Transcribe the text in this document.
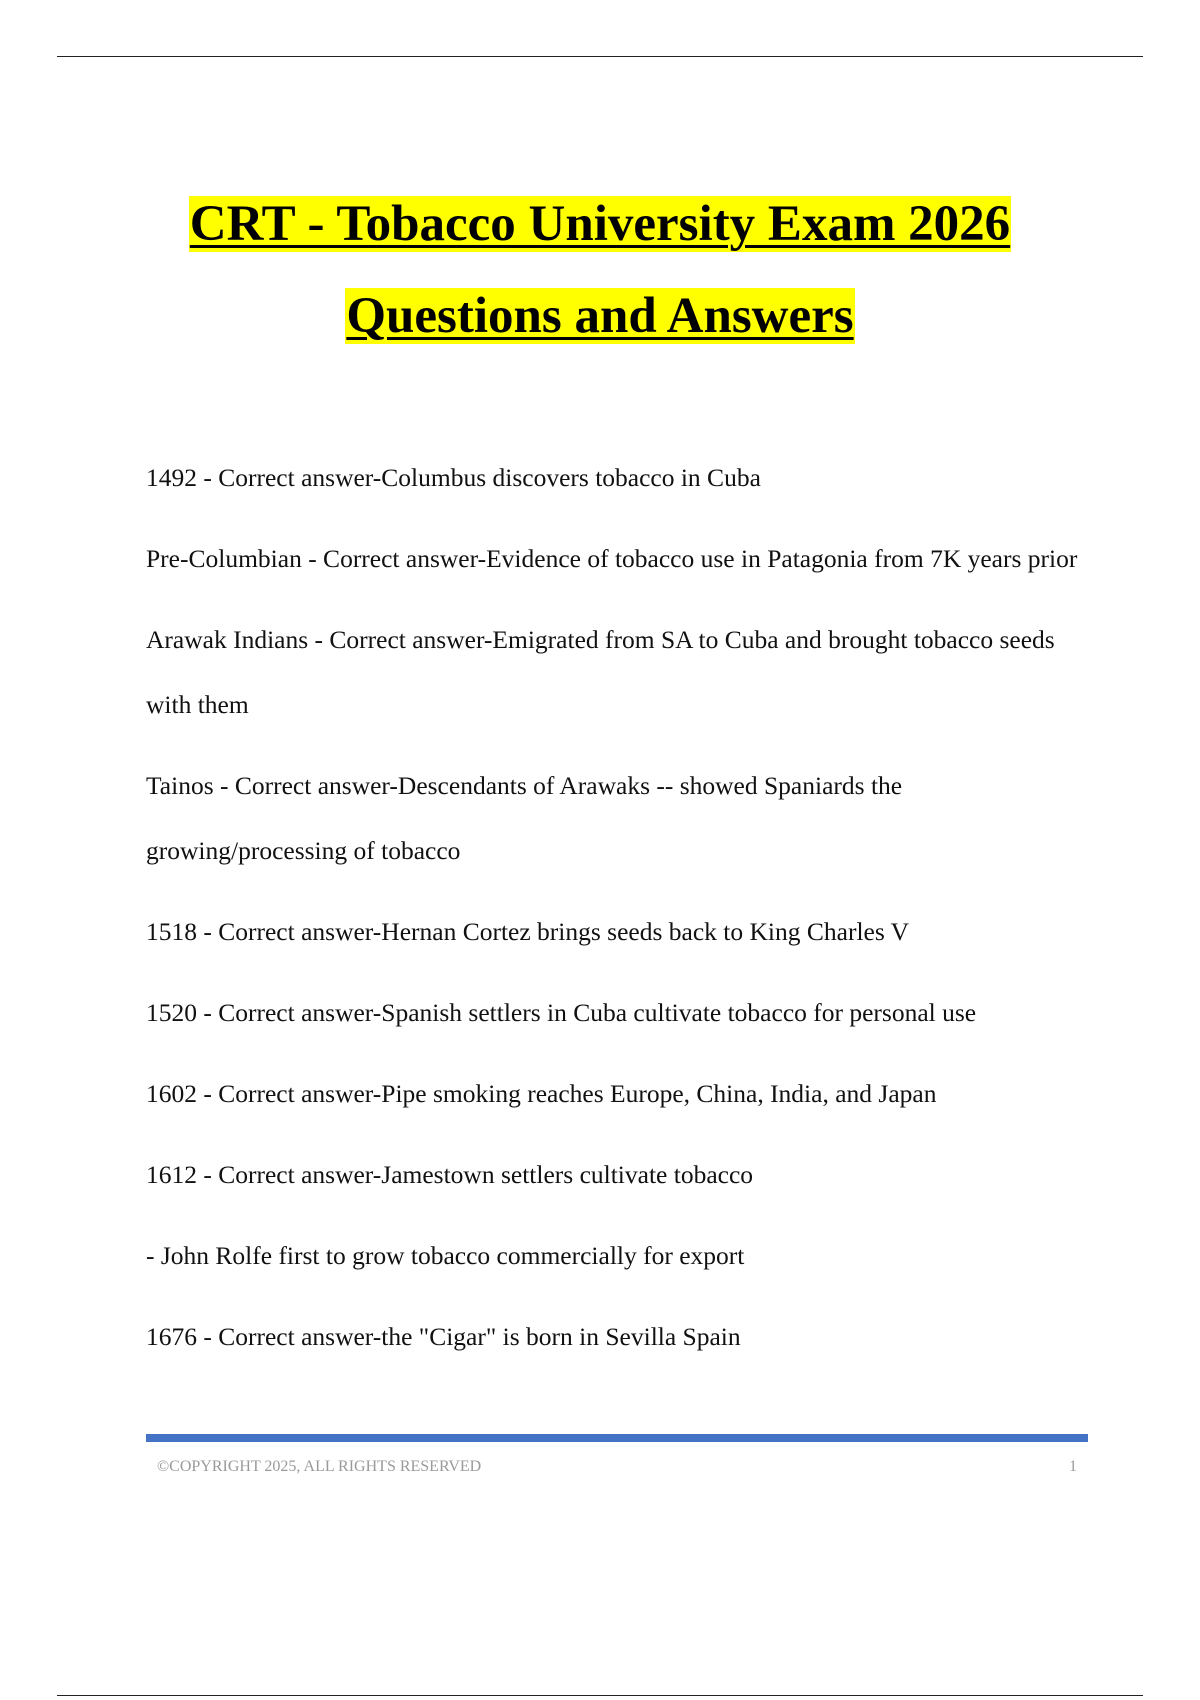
CRT - Tobacco University Exam 2026
Questions and Answers
1492 - Correct answer-Columbus discovers tobacco in Cuba
Pre-Columbian - Correct answer-Evidence of tobacco use in Patagonia from 7K years prior
Arawak Indians - Correct answer-Emigrated from SA to Cuba and brought tobacco seeds with them
Tainos - Correct answer-Descendants of Arawaks -- showed Spaniards the growing/processing of tobacco
1518 - Correct answer-Hernan Cortez brings seeds back to King Charles V
1520 - Correct answer-Spanish settlers in Cuba cultivate tobacco for personal use
1602 - Correct answer-Pipe smoking reaches Europe, China, India, and Japan
1612 - Correct answer-Jamestown settlers cultivate tobacco
- John Rolfe first to grow tobacco commercially for export
1676 - Correct answer-the "Cigar" is born in Sevilla Spain
©COPYRIGHT 2025, ALL RIGHTS RESERVED	1
